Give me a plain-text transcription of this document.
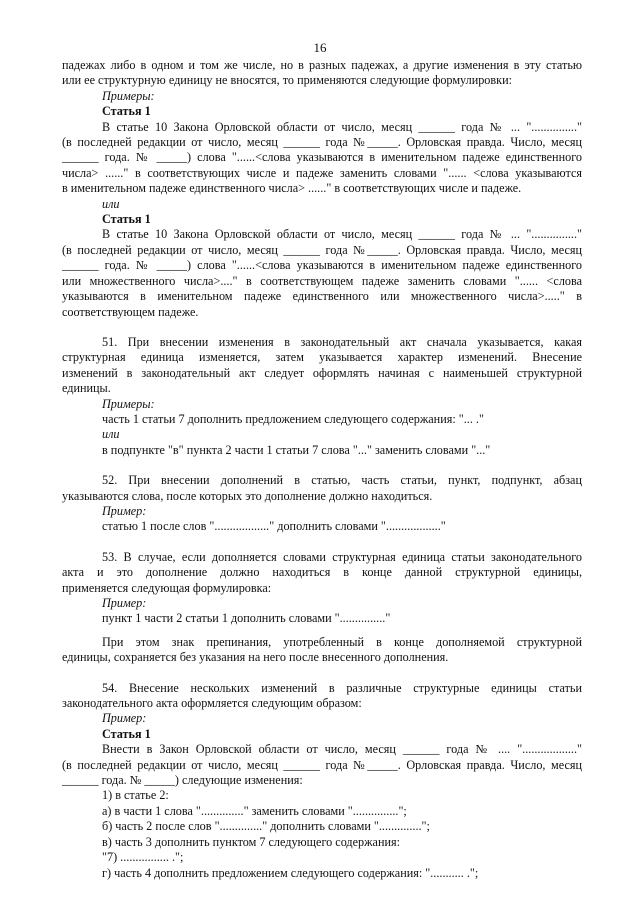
16
падежах либо в одном и том же числе, но в разных падежах, а другие изменения в эту статью
или ее структурную единицу не вносятся, то применяются следующие формулировки:
Примеры:
Статья 1
В статье 10 Закона Орловской области от число, месяц ______ года № ... "..............."
(в последней редакции от число, месяц ______ года №_____. Орловская правда. Число, месяц
______ года. № _____) слова "......<слова указываются в именительном падеже единственного
числа> ......" в соответствующих числе и падеже заменить словами "...... <слова указываются
в именительном падеже единственного числа> ......" в соответствующих числе и падеже.
или
Статья 1
В статье 10 Закона Орловской области от число, месяц ______ года № ... "..............."
(в последней редакции от число, месяц ______ года №_____. Орловская правда. Число, месяц
______ года. № _____) слова "......<слова указываются в именительном падеже единственного
или множественного числа>...." в соответствующем падеже заменить словами "...... <слова
указываются в именительном падеже единственного или множественного числа>....." в
соответствующем падеже.
51. При внесении изменения в законодательный акт сначала указывается, какая
структурная единица изменяется, затем указывается характер изменений. Внесение
изменений в законодательный акт следует оформлять начиная с наименьшей структурной
единицы.
Примеры:
часть 1 статьи 7 дополнить предложением следующего содержания: "... ."
или
в подпункте "в" пункта 2 части 1 статьи 7 слова "..." заменить словами "..."
52. При внесении дополнений в статью, часть статьи, пункт, подпункт, абзац
указываются слова, после которых это дополнение должно находиться.
Пример:
статью 1 после слов ".................." дополнить словами ".................."
53. В случае, если дополняется словами структурная единица статьи законодательного
акта и это дополнение должно находиться в конце данной структурной единицы,
применяется следующая формулировка:
Пример:
пункт 1 части 2 статьи 1 дополнить словами "..............."
При этом знак препинания, употребленный в конце дополняемой структурной
единицы, сохраняется без указания на него после внесенного дополнения.
54. Внесение нескольких изменений в различные структурные единицы статьи
законодательного акта оформляется следующим образом:
Пример:
Статья 1
Внести в Закон Орловской области от число, месяц ______ года № .... ".................."
(в последней редакции от число, месяц ______ года №_____. Орловская правда. Число, месяц
______ года. № _____) следующие изменения:
1) в статье 2:
а) в части 1 слова ".............." заменить словами "...............";
б) часть 2 после слов ".............." дополнить словами "..............";
в) часть 3 дополнить пунктом 7 следующего содержания:
"7) ................ .";
г) часть 4 дополнить предложением следующего содержания: "........... .";
